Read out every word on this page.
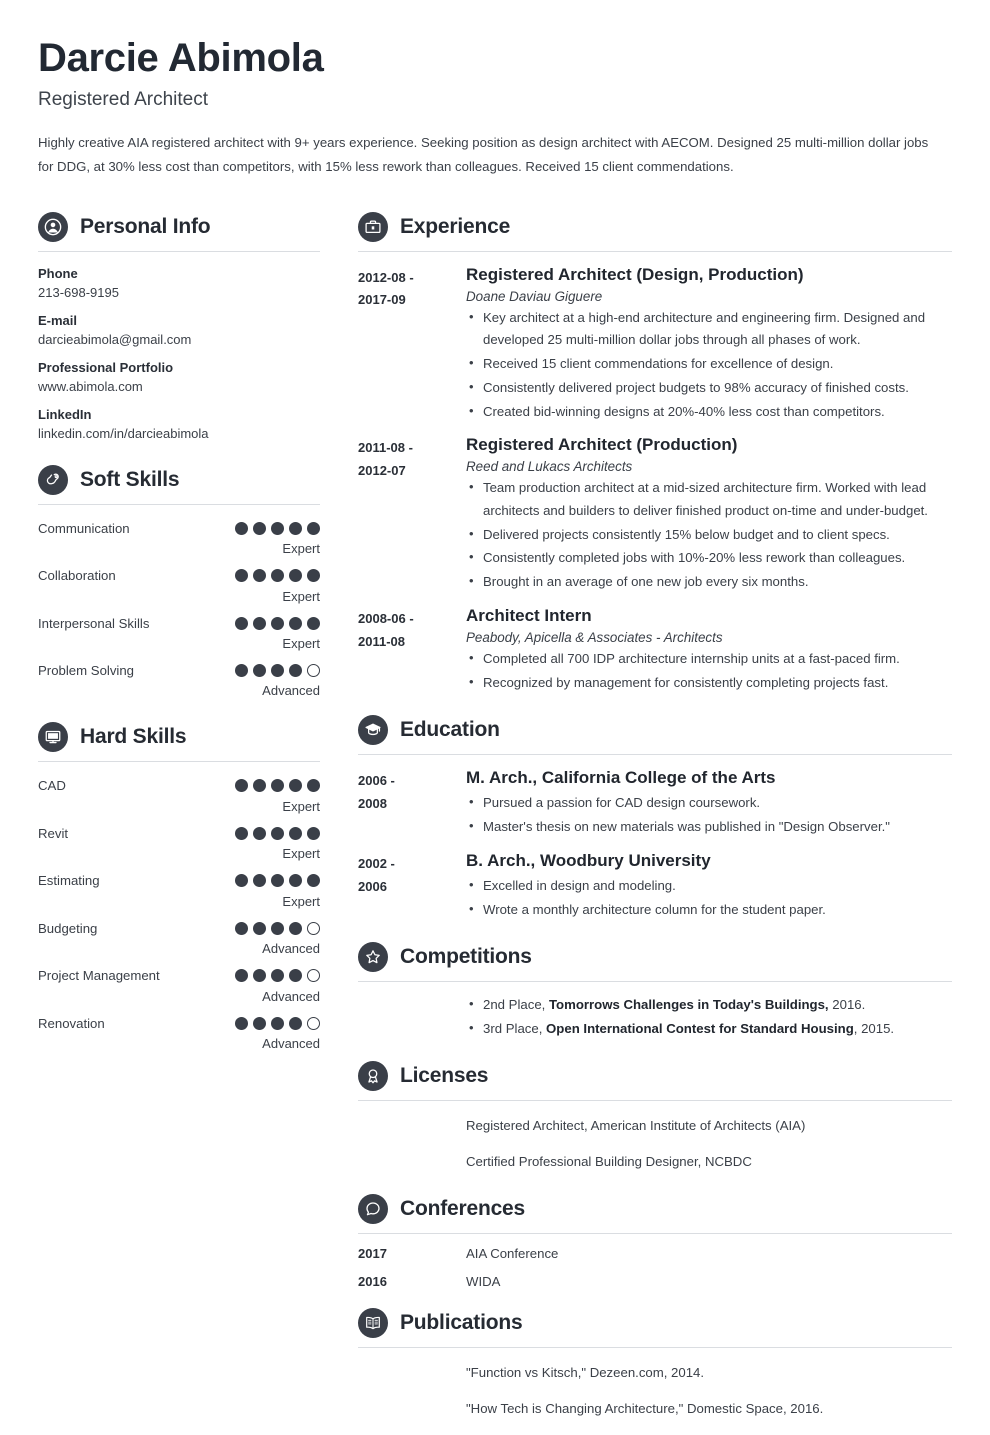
Darcie Abimola
Registered Architect
Highly creative AIA registered architect with 9+ years experience. Seeking position as design architect with AECOM. Designed 25 multi-million dollar jobs for DDG, at 30% less cost than competitors, with 15% less rework than colleagues. Received 15 client commendations.
Personal Info
Phone
213-698-9195
E-mail
darcieabimola@gmail.com
Professional Portfolio
www.abimola.com
LinkedIn
linkedin.com/in/darcieabimola
Soft Skills
Communication
Expert
Collaboration
Expert
Interpersonal Skills
Expert
Problem Solving
Advanced
Hard Skills
CAD
Expert
Revit
Expert
Estimating
Expert
Budgeting
Advanced
Project Management
Advanced
Renovation
Advanced
Experience
2012-08 -
2017-09
Registered Architect (Design, Production)
Doane Daviau Giguere
• Key architect at a high-end architecture and engineering firm. Designed and developed 25 multi-million dollar jobs through all phases of work.
• Received 15 client commendations for excellence of design.
• Consistently delivered project budgets to 98% accuracy of finished costs.
• Created bid-winning designs at 20%-40% less cost than competitors.
2011-08 -
2012-07
Registered Architect (Production)
Reed and Lukacs Architects
• Team production architect at a mid-sized architecture firm. Worked with lead architects and builders to deliver finished product on-time and under-budget.
• Delivered projects consistently 15% below budget and to client specs.
• Consistently completed jobs with 10%-20% less rework than colleagues.
• Brought in an average of one new job every six months.
2008-06 -
2011-08
Architect Intern
Peabody, Apicella & Associates - Architects
• Completed all 700 IDP architecture internship units at a fast-paced firm.
• Recognized by management for consistently completing projects fast.
Education
2006 -
2008
M. Arch., California College of the Arts
• Pursued a passion for CAD design coursework.
• Master's thesis on new materials was published in "Design Observer."
2002 -
2006
B. Arch., Woodbury University
• Excelled in design and modeling.
• Wrote a monthly architecture column for the student paper.
Competitions
• 2nd Place, Tomorrows Challenges in Today's Buildings, 2016.
• 3rd Place, Open International Contest for Standard Housing, 2015.
Licenses
Registered Architect, American Institute of Architects (AIA)
Certified Professional Building Designer, NCBDC
Conferences
2017	AIA Conference
2016	WIDA
Publications
"Function vs Kitsch," Dezeen.com, 2014.
"How Tech is Changing Architecture," Domestic Space, 2016.
